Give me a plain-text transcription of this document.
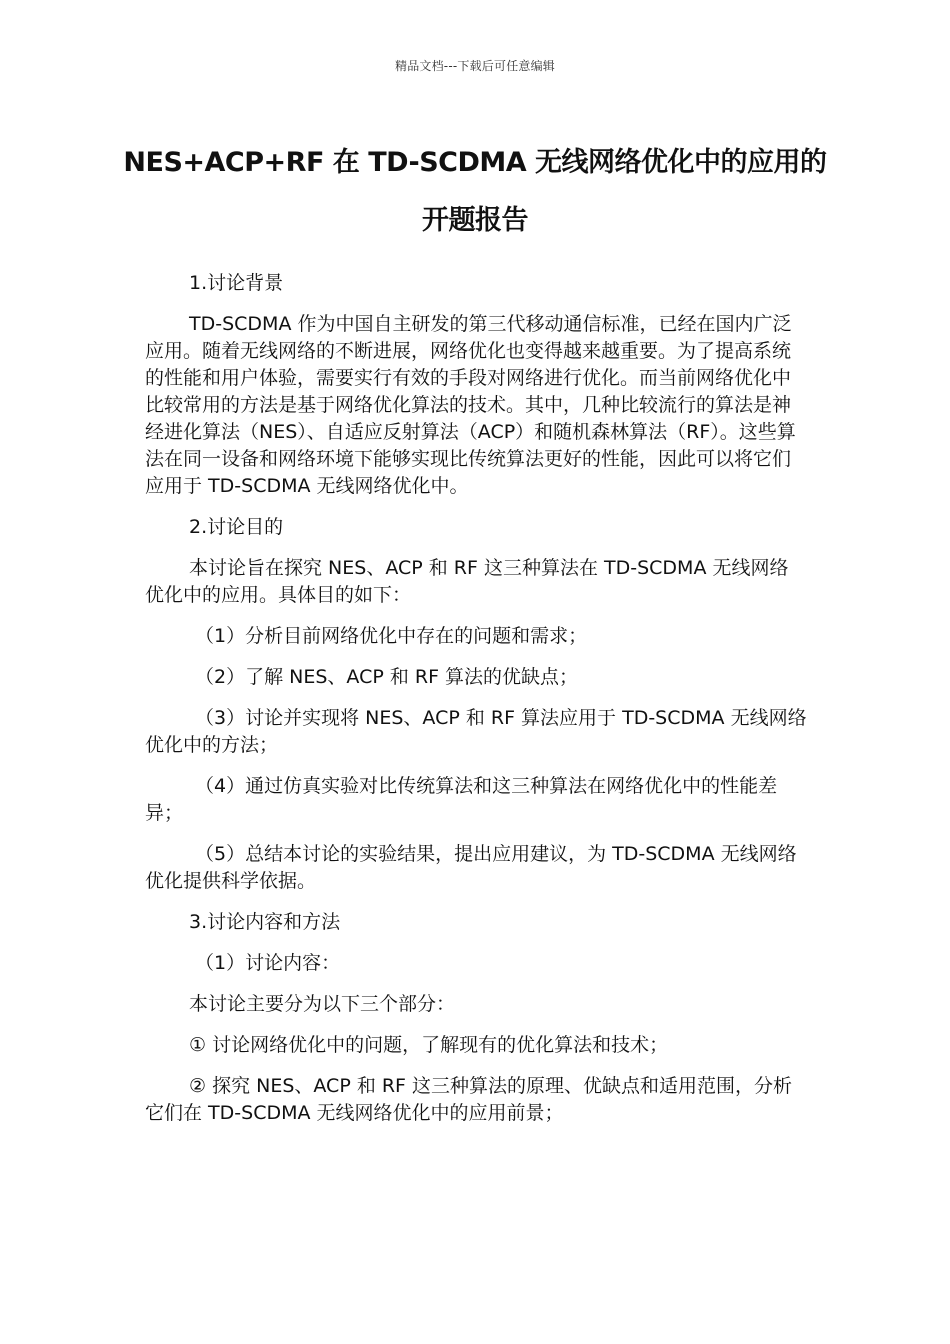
精品文档---下载后可任意编辑
NES+ACP+RF 在 TD-SCDMA 无线网络优化中的应用的开题报告

1.讨论背景

TD-SCDMA 作为中国自主研发的第三代移动通信标准，已经在国内广泛应用。随着无线网络的不断进展，网络优化也变得越来越重要。为了提高系统的性能和用户体验，需要实行有效的手段对网络进行优化。而当前网络优化中比较常用的方法是基于网络优化算法的技术。其中，几种比较流行的算法是神经进化算法（NES）、自适应反射算法（ACP）和随机森林算法（RF）。这些算法在同一设备和网络环境下能够实现比传统算法更好的性能，因此可以将它们应用于 TD-SCDMA 无线网络优化中。

2.讨论目的

本讨论旨在探究 NES、ACP 和 RF 这三种算法在 TD-SCDMA 无线网络优化中的应用。具体目的如下：

（1）分析目前网络优化中存在的问题和需求；

（2）了解 NES、ACP 和 RF 算法的优缺点；

（3）讨论并实现将 NES、ACP 和 RF 算法应用于 TD-SCDMA 无线网络优化中的方法；

（4）通过仿真实验对比传统算法和这三种算法在网络优化中的性能差异；

（5）总结本讨论的实验结果，提出应用建议，为 TD-SCDMA 无线网络优化提供科学依据。

3.讨论内容和方法

（1）讨论内容：

本讨论主要分为以下三个部分：

① 讨论网络优化中的问题，了解现有的优化算法和技术；

② 探究 NES、ACP 和 RF 这三种算法的原理、优缺点和适用范围，分析它们在 TD-SCDMA 无线网络优化中的应用前景；
